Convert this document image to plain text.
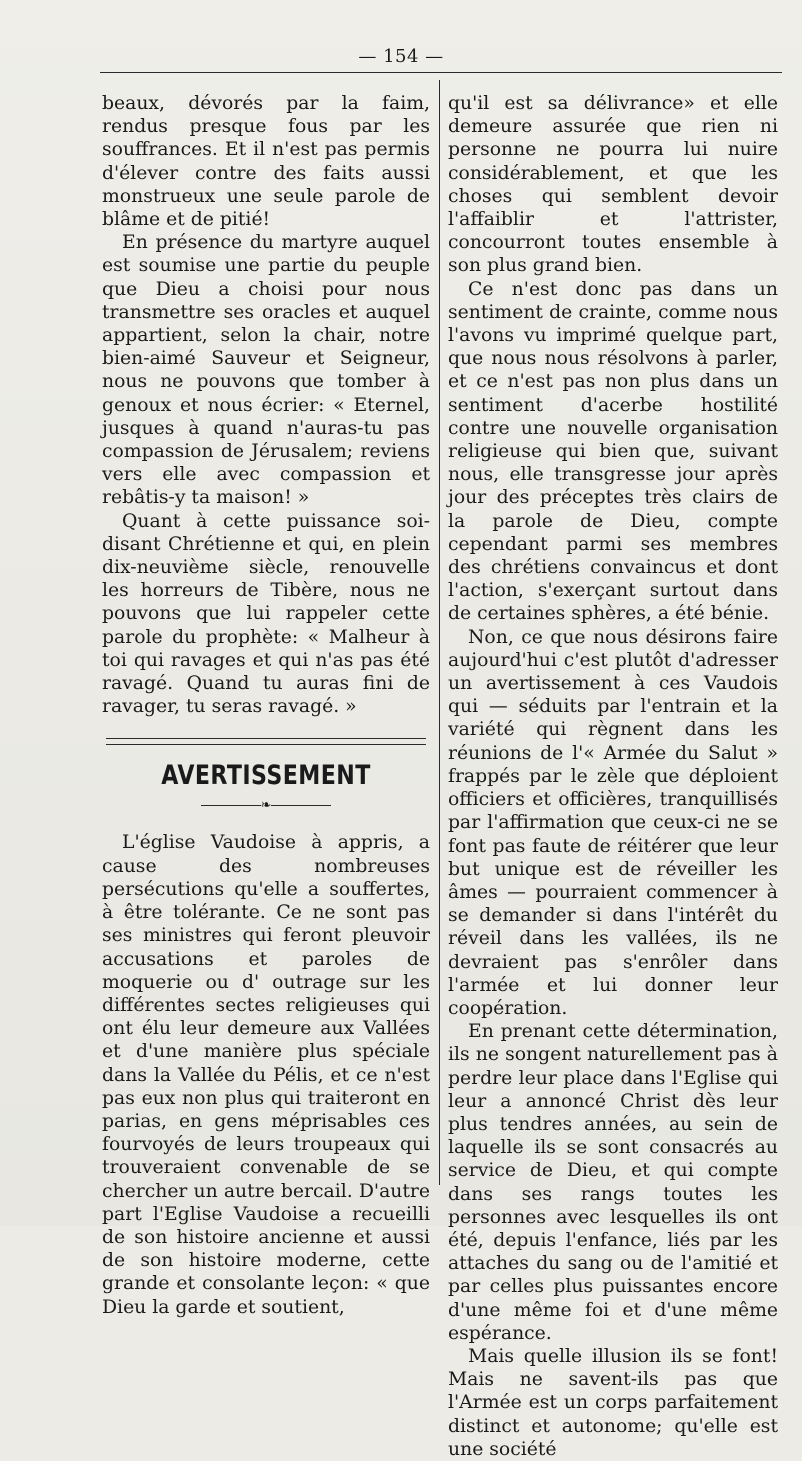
— 154 —

beaux, dévorés par la faim, rendus presque fous par les souffrances. Et il n'est pas permis d'élever contre des faits aussi monstrueux une seule parole de blâme et de pitié!

En présence du martyre auquel est soumise une partie du peuple que Dieu a choisi pour nous transmettre ses oracles et auquel appartient, selon la chair, notre bien-aimé Sauveur et Seigneur, nous ne pouvons que tomber à genoux et nous écrier: « Eternel, jusques à quand n'auras-tu pas compassion de Jérusalem; reviens vers elle avec compassion et rebâtis-y ta maison! »

Quant à cette puissance soi-disant Chrétienne et qui, en plein dix-neuvième siècle, renouvelle les horreurs de Tibère, nous ne pouvons que lui rappeler cette parole du prophète: « Malheur à toi qui ravages et qui n'as pas été ravagé. Quand tu auras fini de ravager, tu seras ravagé. »

AVERTISSEMENT
❧

L'église Vaudoise à appris, a cause des nombreuses persécutions qu'elle a souffertes, à être tolérante. Ce ne sont pas ses ministres qui feront pleuvoir accusations et paroles de moquerie ou d' outrage sur les différentes sectes religieuses qui ont élu leur demeure aux Vallées et d'une manière plus spéciale dans la Vallée du Pélis, et ce n'est pas eux non plus qui traiteront en parias, en gens méprisables ces fourvoyés de leurs troupeaux qui trouveraient convenable de se chercher un autre bercail. D'autre part l'Eglise Vaudoise a recueilli de son histoire ancienne et aussi de son histoire moderne, cette grande et consolante leçon: « que Dieu la garde et soutient,

qu'il est sa délivrance» et elle demeure assurée que rien ni personne ne pourra lui nuire considérablement, et que les choses qui semblent devoir l'affaiblir et l'attrister, concourront toutes ensemble à son plus grand bien.

Ce n'est donc pas dans un sentiment de crainte, comme nous l'avons vu imprimé quelque part, que nous nous résolvons à parler, et ce n'est pas non plus dans un sentiment d'acerbe hostilité contre une nouvelle organisation religieuse qui bien que, suivant nous, elle transgresse jour après jour des préceptes très clairs de la parole de Dieu, compte cependant parmi ses membres des chrétiens convaincus et dont l'action, s'exerçant surtout dans de certaines sphères, a été bénie.

Non, ce que nous désirons faire aujourd'hui c'est plutôt d'adresser un avertissement à ces Vaudois qui — séduits par l'entrain et la variété qui règnent dans les réunions de l'« Armée du Salut » frappés par le zèle que déploient officiers et officières, tranquillisés par l'affirmation que ceux-ci ne se font pas faute de réitérer que leur but unique est de réveiller les âmes — pourraient commencer à se demander si dans l'intérêt du réveil dans les vallées, ils ne devraient pas s'enrôler dans l'armée et lui donner leur coopération.

En prenant cette détermination, ils ne songent naturellement pas à perdre leur place dans l'Eglise qui leur a annoncé Christ dès leur plus tendres années, au sein de laquelle ils se sont consacrés au service de Dieu, et qui compte dans ses rangs toutes les personnes avec lesquelles ils ont été, depuis l'enfance, liés par les attaches du sang ou de l'amitié et par celles plus puissantes encore d'une même foi et d'une même espérance.

Mais quelle illusion ils se font! Mais ne savent-ils pas que l'Armée est un corps parfaitement distinct et autonome; qu'elle est une société
